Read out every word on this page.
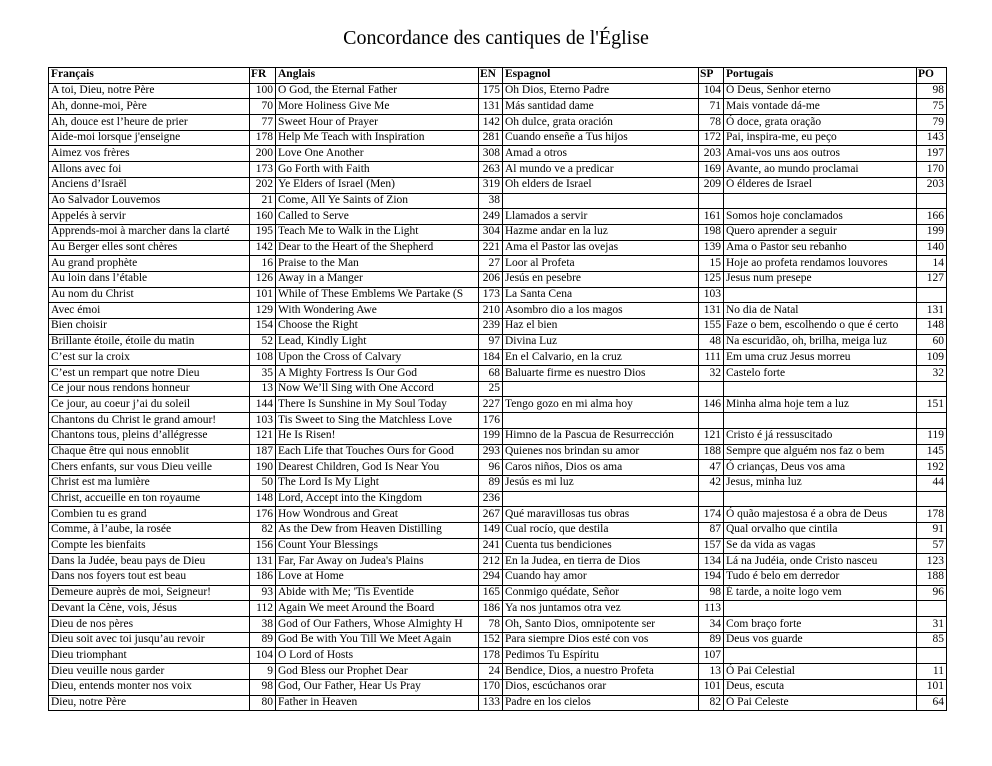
Concordance des cantiques de l'Église
Français	FR	Anglais	EN	Espagnol	SP	Portugais	PO
A toi, Dieu, notre Père	100	O God, the Eternal Father	175	Oh Dios, Eterno Padre	104	Ó Deus, Senhor eterno	98
Ah, donne-moi, Père	70	More Holiness Give Me	131	Más santidad dame	71	Mais vontade dá-me	75
Ah, douce est l’heure de prier	77	Sweet Hour of Prayer	142	Oh dulce, grata oración	78	Ó doce, grata oração	79
Aide-moi lorsque j'enseigne	178	Help Me Teach with Inspiration	281	Cuando enseñe a Tus hijos	172	Pai, inspira-me, eu peço	143
Aimez vos frères	200	Love One Another	308	Amad a otros	203	Amai-vos uns aos outros	197
Allons avec foi	173	Go Forth with Faith	263	Al mundo ve a predicar	169	Avante, ao mundo proclamai	170
Anciens d’Israël	202	Ye Elders of Israel (Men)	319	Oh elders de Israel	209	Ó élderes de Israel	203
Ao Salvador Louvemos	21	Come, All Ye Saints of Zion	38				
Appelés à servir	160	Called to Serve	249	Llamados a servir	161	Somos hoje conclamados	166
Apprends-moi à marcher dans la clarté	195	Teach Me to Walk in the Light	304	Hazme andar en la luz	198	Quero aprender a seguir	199
Au Berger elles sont chères	142	Dear to the Heart of the Shepherd	221	Ama el Pastor las ovejas	139	Ama o Pastor seu rebanho	140
Au grand prophète	16	Praise to the Man	27	Loor al Profeta	15	Hoje ao profeta rendamos louvores	14
Au loin dans l’étable	126	Away in a Manger	206	Jesús en pesebre	125	Jesus num presepe	127
Au nom du Christ	101	While of These Emblems We Partake (S	173	La Santa Cena	103		
Avec émoi	129	With Wondering Awe	210	Asombro dio a los magos	131	No dia de Natal	131
Bien choisir	154	Choose the Right	239	Haz el bien	155	Faze o bem, escolhendo o que é certo	148
Brillante étoile, étoile du matin	52	Lead, Kindly Light	97	Divina Luz	48	Na escuridão, oh, brilha, meiga luz	60
C’est sur la croix	108	Upon the Cross of Calvary	184	En el Calvario, en la cruz	111	Em uma cruz Jesus morreu	109
C’est un rempart que notre Dieu	35	A Mighty Fortress Is Our God	68	Baluarte firme es nuestro Dios	32	Castelo forte	32
Ce jour nous rendons honneur	13	Now We’ll Sing with One Accord	25				
Ce jour, au coeur j’ai du soleil	144	There Is Sunshine in My Soul Today	227	Tengo gozo en mi alma hoy	146	Minha alma hoje tem a luz	151
Chantons du Christ le grand amour!	103	Tis Sweet to Sing the Matchless Love	176				
Chantons tous, pleins d’allégresse	121	He Is Risen!	199	Himno de la Pascua de Resurrección	121	Cristo é já ressuscitado	119
Chaque être qui nous ennoblit	187	Each Life that Touches Ours for Good	293	Quienes nos brindan su amor	188	Sempre que alguém nos faz o bem	145
Chers enfants, sur vous Dieu veille	190	Dearest Children, God Is Near You	96	Caros niños, Dios os ama	47	Ó crianças, Deus vos ama	192
Christ est ma lumière	50	The Lord Is My Light	89	Jesús es mi luz	42	Jesus, minha luz	44
Christ, accueille en ton royaume	148	Lord, Accept into the Kingdom	236				
Combien tu es grand	176	How Wondrous and Great	267	Qué maravillosas tus obras	174	Ó quão majestosa é a obra de Deus	178
Comme, à l’aube, la rosée	82	As the Dew from Heaven Distilling	149	Cual rocío, que destila	87	Qual orvalho que cintila	91
Compte les bienfaits	156	Count Your Blessings	241	Cuenta tus bendiciones	157	Se da vida as vagas	57
Dans la Judée, beau pays de Dieu	131	Far, Far Away on Judea's Plains	212	En la Judea, en tierra de Dios	134	Lá na Judéia, onde Cristo nasceu	123
Dans nos foyers tout est beau	186	Love at Home	294	Cuando hay amor	194	Tudo é belo em derredor	188
Demeure auprès de moi, Seigneur!	93	Abide with Me; 'Tis Eventide	165	Conmigo quédate, Señor	98	É tarde, a noite logo vem	96
Devant la Cène, vois, Jésus	112	Again We meet Around the Board	186	Ya nos juntamos otra vez	113		
Dieu de nos pères	38	God of Our Fathers, Whose Almighty H	78	Oh, Santo Dios, omnipotente ser	34	Com braço forte	31
Dieu soit avec toi jusqu’au revoir	89	God Be with You Till We Meet Again	152	Para siempre Dios esté con vos	89	Deus vos guarde	85
Dieu triomphant	104	O Lord of Hosts	178	Pedimos Tu Espíritu	107		
Dieu veuille nous garder	9	God Bless our Prophet Dear	24	Bendice, Dios, a nuestro Profeta	13	Ó Pai Celestial	11
Dieu, entends monter nos voix	98	God, Our Father, Hear Us Pray	170	Dios, escúchanos orar	101	Deus, escuta	101
Dieu, notre Père	80	Father in Heaven	133	Padre en los cielos	82	Ó Pai Celeste	64
